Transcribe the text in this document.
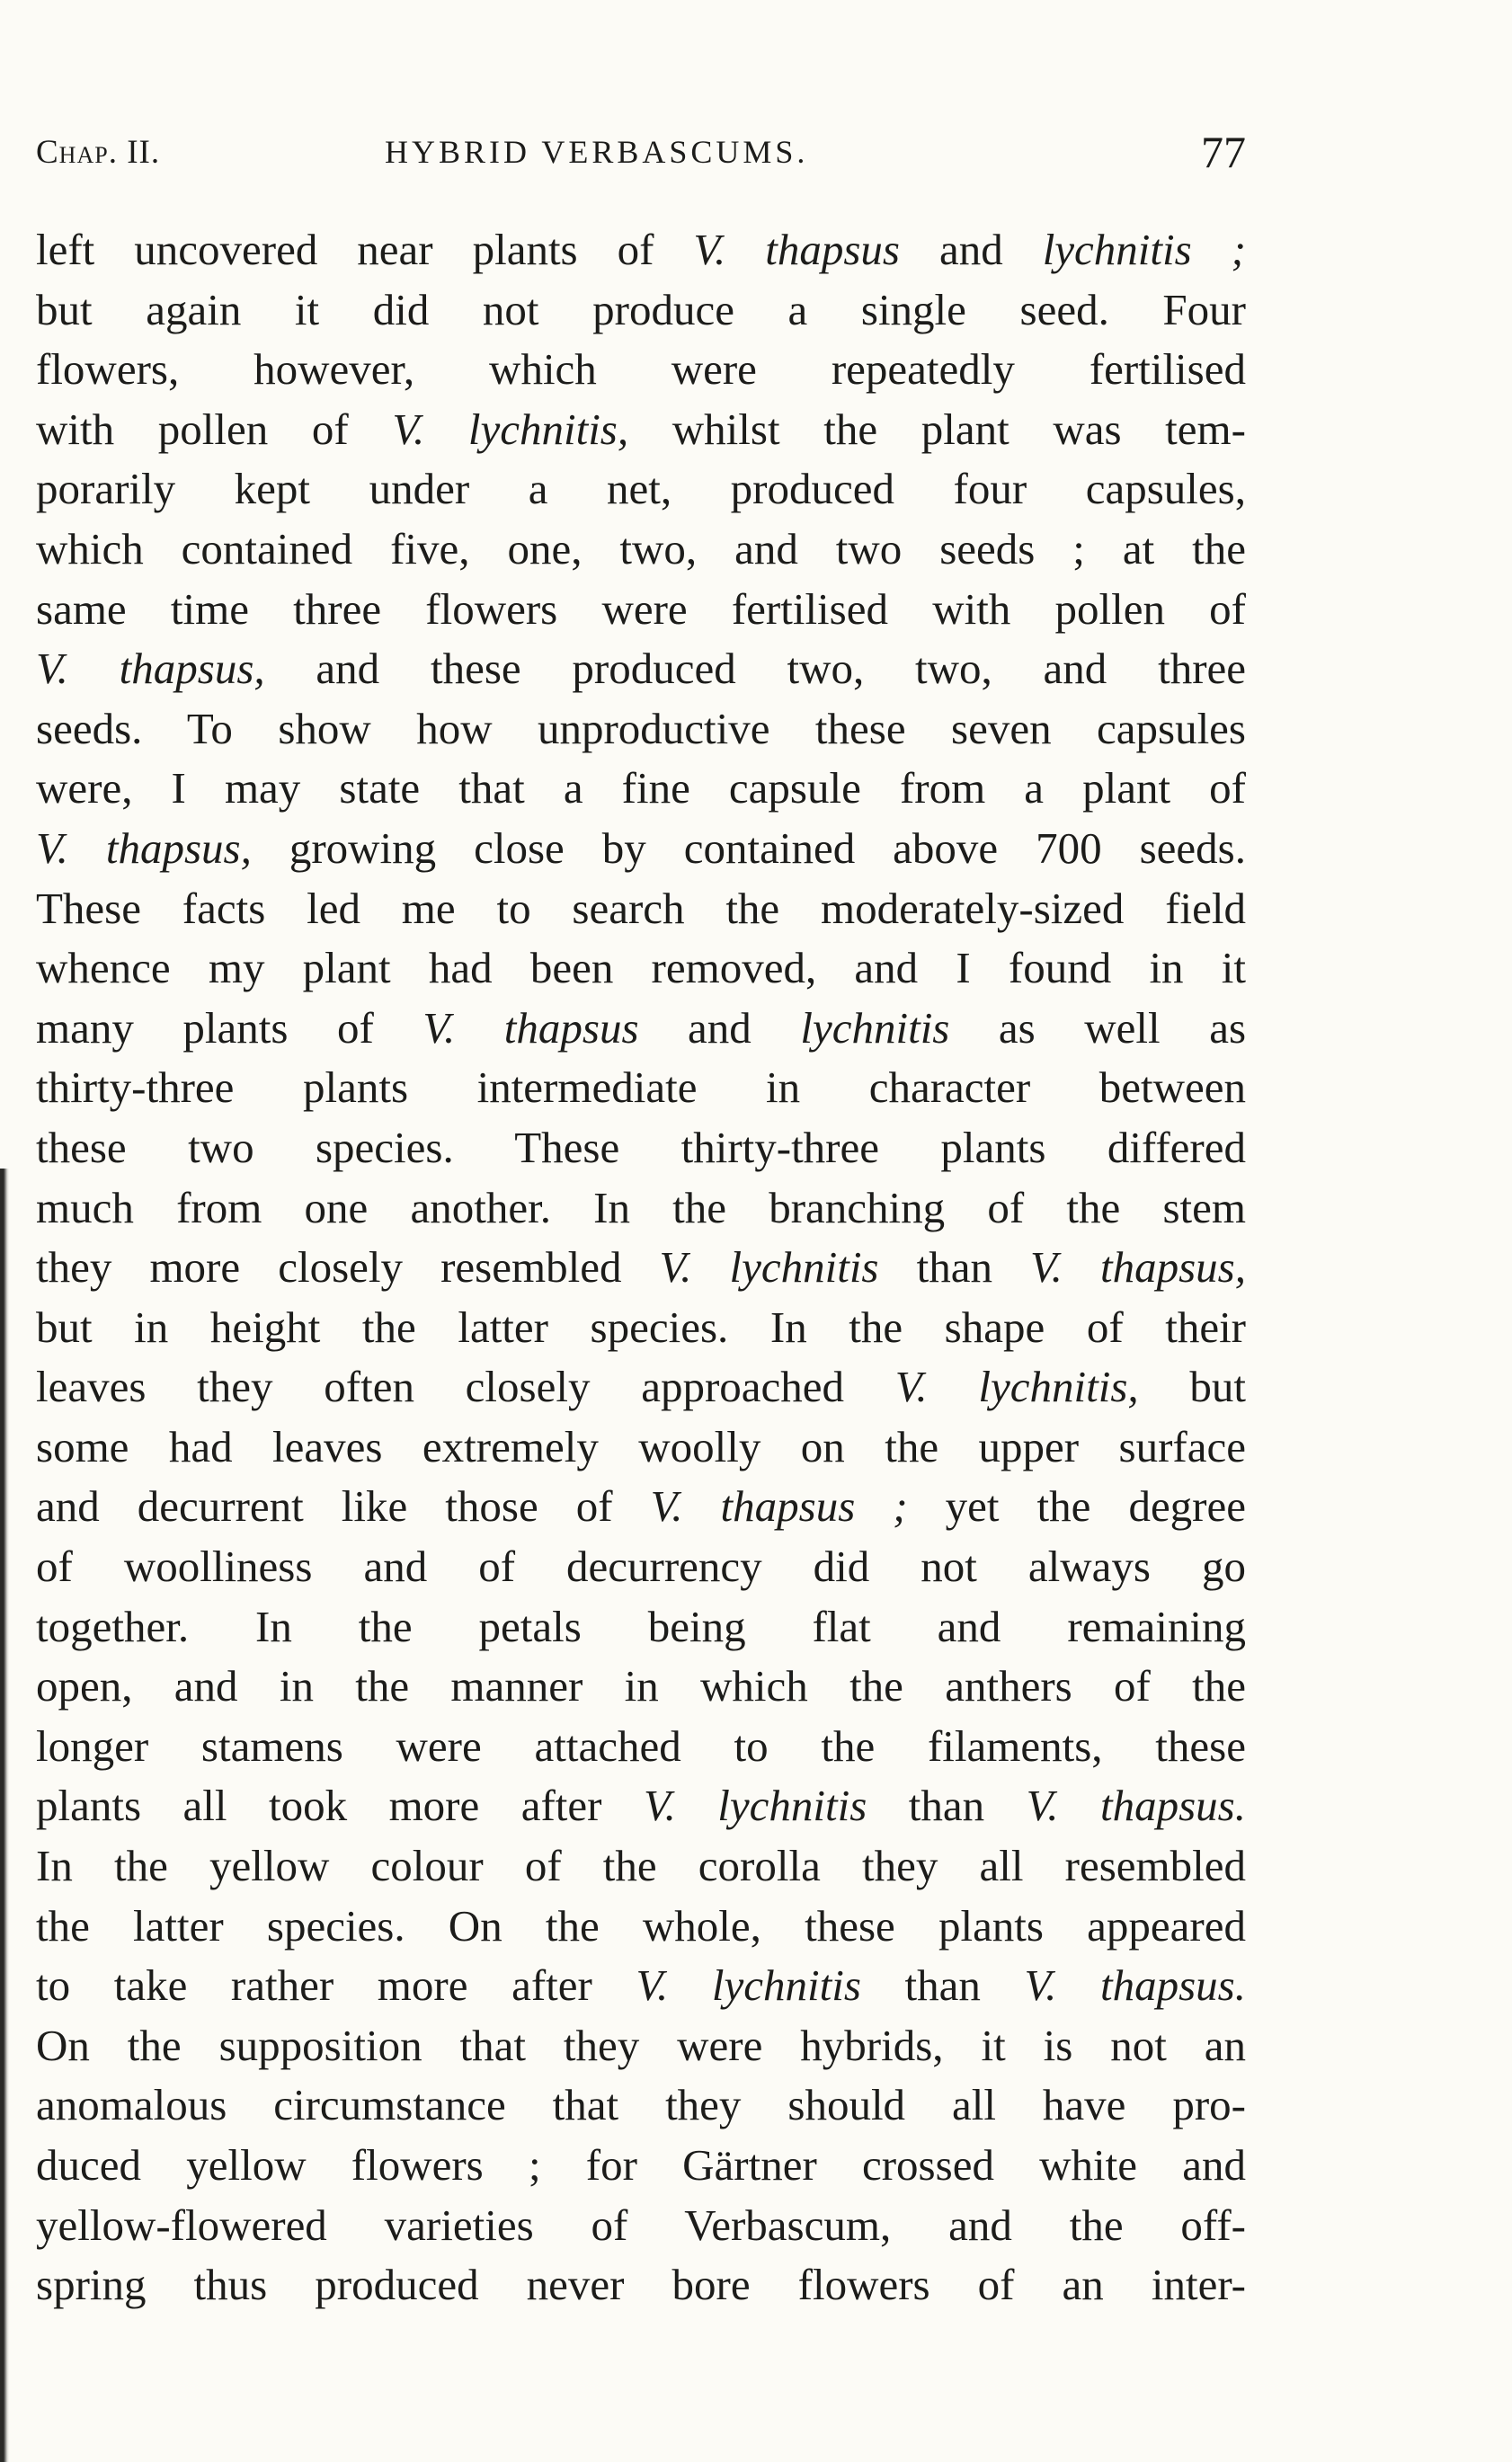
Chap. II.	HYBRID VERBASCUMS.	77
left uncovered near plants of V. thapsus and lychnitis ;
but again it did not produce a single seed. Four
flowers, however, which were repeatedly fertilised
with pollen of V. lychnitis, whilst the plant was tem-
porarily kept under a net, produced four capsules,
which contained five, one, two, and two seeds ; at the
same time three flowers were fertilised with pollen of
V. thapsus, and these produced two, two, and three
seeds. To show how unproductive these seven capsules
were, I may state that a fine capsule from a plant of
V. thapsus, growing close by contained above 700 seeds.
These facts led me to search the moderately-sized field
whence my plant had been removed, and I found in it
many plants of V. thapsus and lychnitis as well as
thirty-three plants intermediate in character between
these two species. These thirty-three plants differed
much from one another. In the branching of the stem
they more closely resembled V. lychnitis than V. thapsus,
but in height the latter species. In the shape of their
leaves they often closely approached V. lychnitis, but
some had leaves extremely woolly on the upper surface
and decurrent like those of V. thapsus ; yet the degree
of woolliness and of decurrency did not always go
together. In the petals being flat and remaining
open, and in the manner in which the anthers of the
longer stamens were attached to the filaments, these
plants all took more after V. lychnitis than V. thapsus.
In the yellow colour of the corolla they all resembled
the latter species. On the whole, these plants appeared
to take rather more after V. lychnitis than V. thapsus.
On the supposition that they were hybrids, it is not an
anomalous circumstance that they should all have pro-
duced yellow flowers ; for Gärtner crossed white and
yellow-flowered varieties of Verbascum, and the off-
spring thus produced never bore flowers of an inter-
